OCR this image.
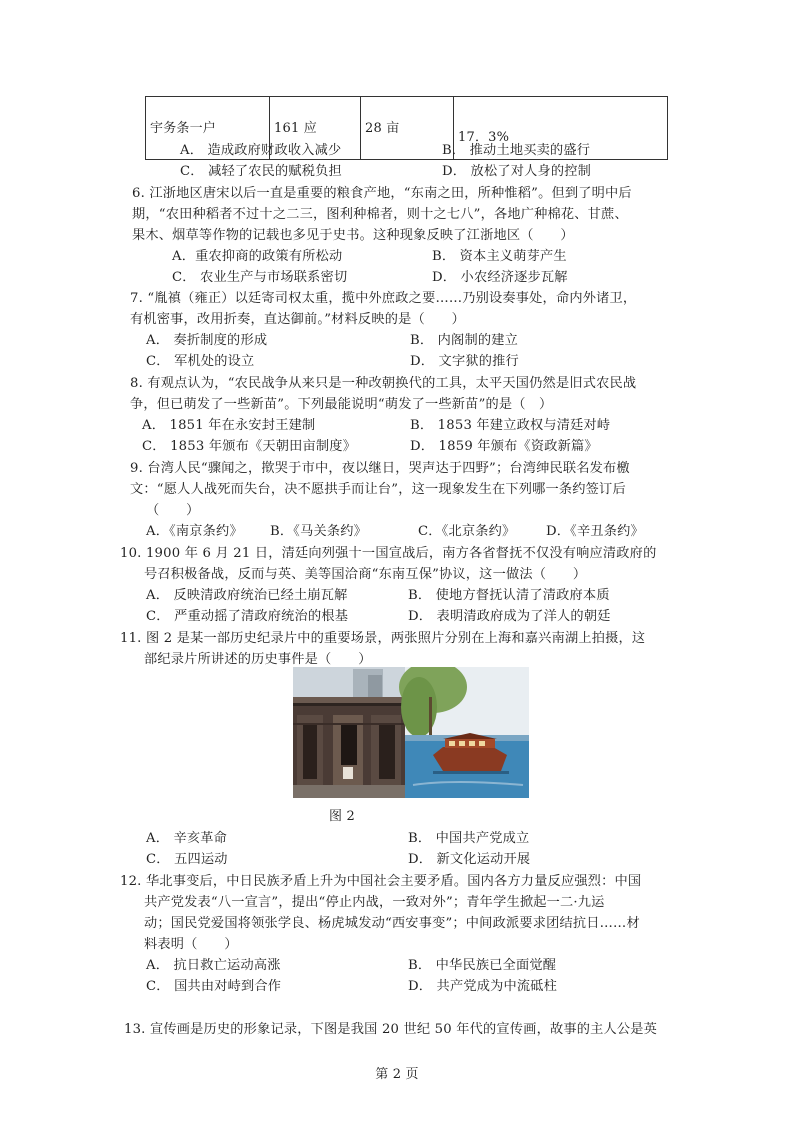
宇务条一户	161 应	28 亩	17．3%
A． 造成政府财政收入减少	B． 推动土地买卖的盛行
C． 减轻了农民的赋税负担	D． 放松了对人身的控制
6. 江浙地区唐宋以后一直是重要的粮食产地，“东南之田，所种惟稻”。但到了明中后
期，“农田种稻者不过十之二三，图利种棉者，则十之七八”，各地广种棉花、甘蔗、
果木、烟草等作物的记载也多见于史书。这种现象反映了江浙地区（　　）
A．重农抑商的政策有所松动	B． 资本主义萌芽产生
C． 农业生产与市场联系密切	D． 小农经济逐步瓦解
7. “胤禛（雍正）以廷寄司权太重，揽中外庶政之要……乃别设奏事处，命内外诸卫，
有机密事，改用折奏，直达御前。”材料反映的是（　　）
A． 奏折制度的形成	B． 内阁制的建立
C． 军机处的设立	D． 文字狱的推行
8. 有观点认为，“农民战争从来只是一种改朝换代的工具，太平天国仍然是旧式农民战
争，但已萌发了一些新苗”。下列最能说明“萌发了一些新苗”的是（　）
A． 1851 年在永安封王建制	B． 1853 年建立政权与清廷对峙
C． 1853 年颁布《天朝田亩制度》	D． 1859 年颁布《资政新篇》
9. 台湾人民“骤闻之，揿哭于市中，夜以继日，哭声达于四野”；台湾绅民联名发布檄
文：“愿人人战死而失台，决不愿拱手而让台”，这一现象发生在下列哪一条约签订后
（　　）
A．《南京条约》 B．《马关条约》	C．《北京条约》 D．《辛丑条约》
10. 1900 年 6 月 21 日，清廷向列强十一国宣战后，南方各省督抚不仅没有响应清政府的
号召积极备战，反而与英、美等国洽商“东南互保”协议，这一做法（　　）
A． 反映清政府统治已经土崩瓦解	B． 使地方督抚认清了清政府本质
C． 严重动摇了清政府统治的根基	D． 表明清政府成为了洋人的朝廷
11. 图 2 是某一部历史纪录片中的重要场景，两张照片分别在上海和嘉兴南湖上拍摄，这
部纪录片所讲述的历史事件是（　　）
图 2
A． 辛亥革命	B． 中国共产党成立
C． 五四运动	D． 新文化运动开展
12. 华北事变后，中日民族矛盾上升为中国社会主要矛盾。国内各方力量反应强烈：中国
共产党发表“八一宣言”，提出“停止内战，一致对外”；青年学生掀起一二·九运
动；国民党爱国将领张学良、杨虎城发动“西安事变”；中间政派要求团结抗日……材
料表明（　　）
A． 抗日救亡运动高涨	B． 中华民族已全面觉醒
C． 国共由对峙到合作	D． 共产党成为中流砥柱
13. 宣传画是历史的形象记录，下图是我国 20 世纪 50 年代的宣传画，故事的主人公是英
第 2 页
